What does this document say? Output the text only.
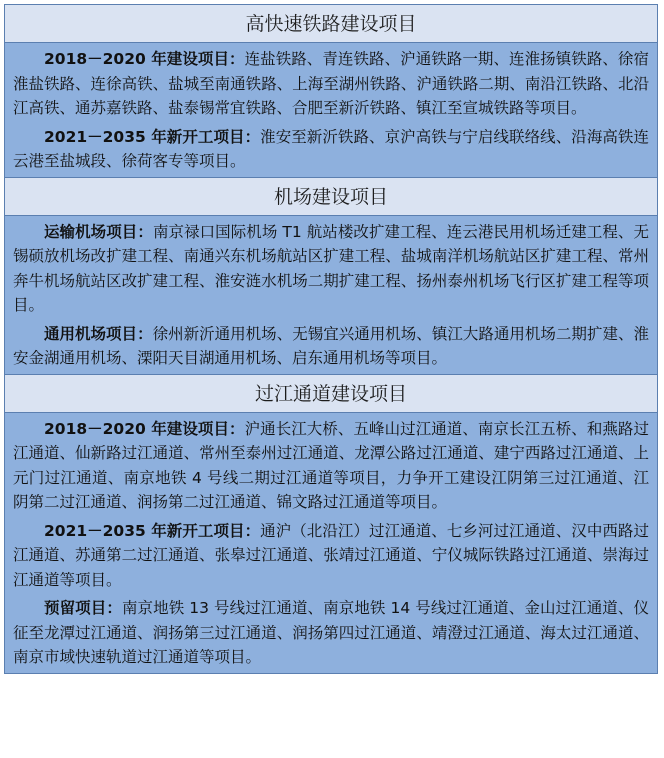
高快速铁路建设项目

2018－2020 年建设项目：连盐铁路、青连铁路、沪通铁路一期、连淮扬镇铁路、徐宿淮盐铁路、连徐高铁、盐城至南通铁路、上海至湖州铁路、沪通铁路二期、南沿江铁路、北沿江高铁、通苏嘉铁路、盐泰锡常宜铁路、合肥至新沂铁路、镇江至宣城铁路等项目。

2021－2035 年新开工项目：淮安至新沂铁路、京沪高铁与宁启线联络线、沿海高铁连云港至盐城段、徐荷客专等项目。

机场建设项目

运输机场项目：南京禄口国际机场 T1 航站楼改扩建工程、连云港民用机场迁建工程、无锡硕放机场改扩建工程、南通兴东机场航站区扩建工程、盐城南洋机场航站区扩建工程、常州奔牛机场航站区改扩建工程、淮安涟水机场二期扩建工程、扬州泰州机场飞行区扩建工程等项目。

通用机场项目：徐州新沂通用机场、无锡宜兴通用机场、镇江大路通用机场二期扩建、淮安金湖通用机场、溧阳天目湖通用机场、启东通用机场等项目。

过江通道建设项目

2018－2020 年建设项目：沪通长江大桥、五峰山过江通道、南京长江五桥、和燕路过江通道、仙新路过江通道、常州至泰州过江通道、龙潭公路过江通道、建宁西路过江通道、上元门过江通道、南京地铁 4 号线二期过江通道等项目，力争开工建设江阴第三过江通道、江阴第二过江通道、润扬第二过江通道、锦文路过江通道等项目。

2021－2035 年新开工项目：通沪（北沿江）过江通道、七乡河过江通道、汉中西路过江通道、苏通第二过江通道、张皋过江通道、张靖过江通道、宁仪城际铁路过江通道、崇海过江通道等项目。

预留项目：南京地铁 13 号线过江通道、南京地铁 14 号线过江通道、金山过江通道、仪征至龙潭过江通道、润扬第三过江通道、润扬第四过江通道、靖澄过江通道、海太过江通道、南京市域快速轨道过江通道等项目。
